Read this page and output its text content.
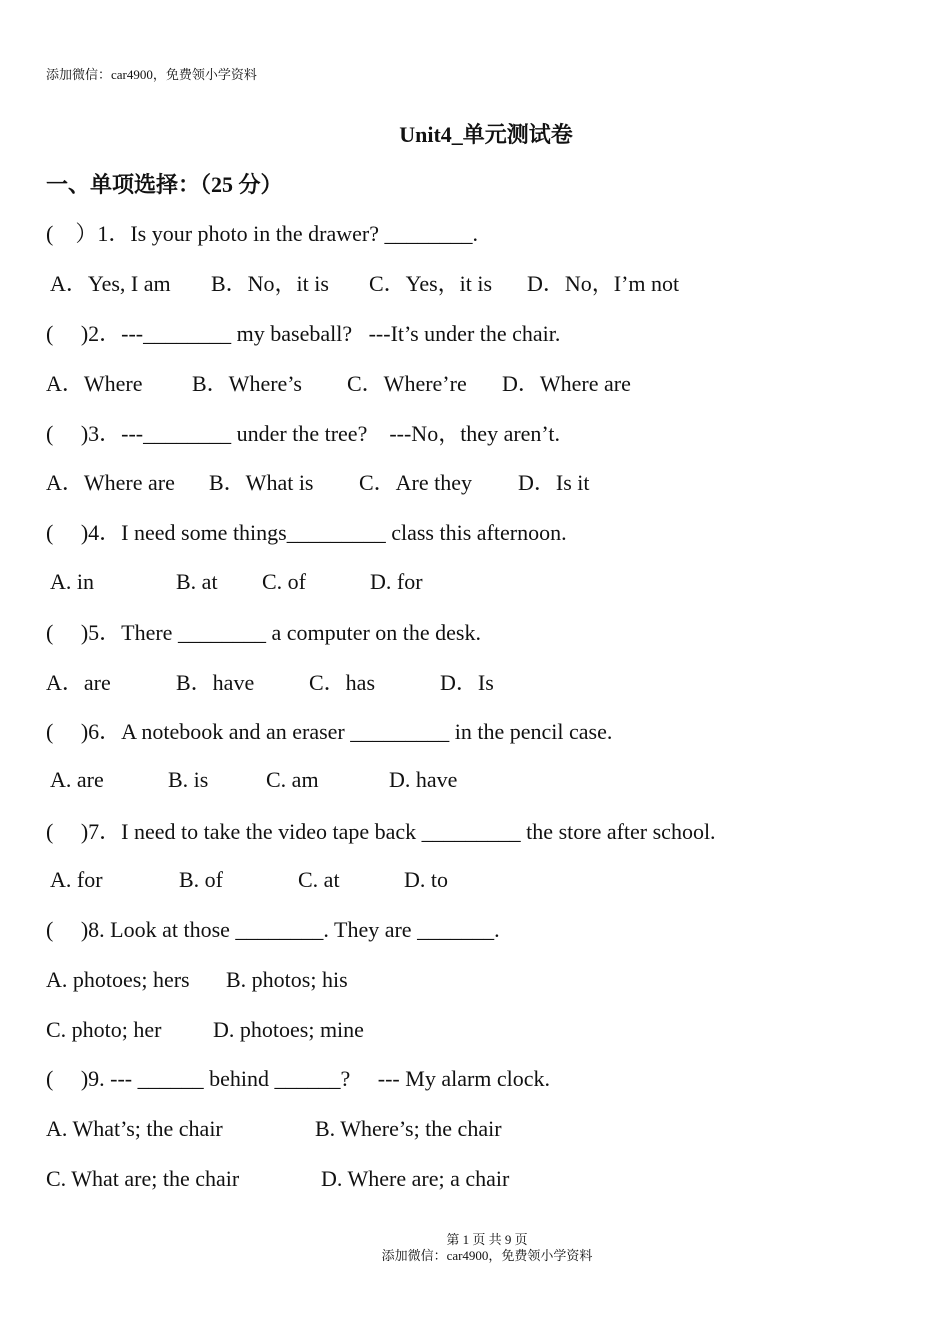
添加微信：car4900，免费领小学资料
Unit4_单元测试卷
一、单项选择：（25 分）
(    ）1．Is your photo in the drawer? ________.
A．Yes, I am B．No，it is C．Yes，it is D．No，I’m not
(     )2．---________ my baseball?   ---It’s under the chair.
A．Where B．Where’s C．Where’re D．Where are
(     )3．---________ under the tree?    ---No，they aren’t.
A．Where are B．What is C．Are they D．Is it
(     )4．I need some things_________ class this afternoon.
A. in	B. at C. of	D. for
(     )5．There ________ a computer on the desk.
A．are	B．have C．has	D．Is
(     )6．A notebook and an eraser _________ in the pencil case.
A. are	B. is	C. am	D. have
(     )7．I need to take the video tape back _________ the store after school.
A. for	B. of	C. at	D. to
(     )8. Look at those ________. They are _______.
A. photoes; hers B. photos; his
C. photo; her D. photoes; mine
(     )9. --- ______ behind ______?     --- My alarm clock.
A. What’s; the chair	B. Where’s; the chair
C. What are; the chair	D. Where are; a chair
第 1 页 共 9 页
添加微信：car4900，免费领小学资料
